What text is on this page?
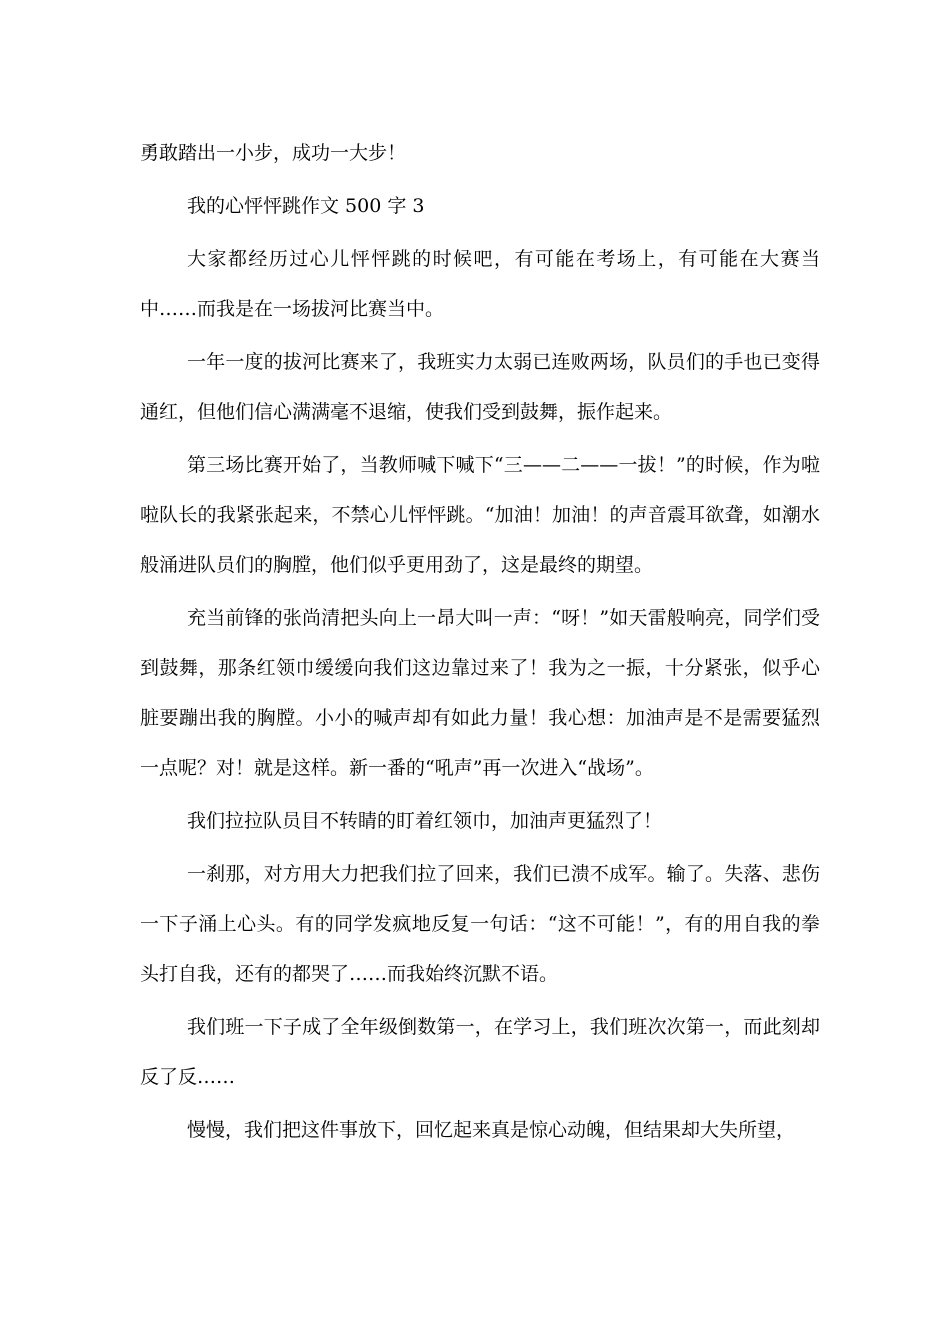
勇敢踏出一小步，成功一大步！

我的心怦怦跳作文 500 字 3

大家都经历过心儿怦怦跳的时候吧，有可能在考场上，有可能在大赛当中……而我是在一场拔河比赛当中。

一年一度的拔河比赛来了，我班实力太弱已连败两场，队员们的手也已变得通红，但他们信心满满毫不退缩，使我们受到鼓舞，振作起来。

第三场比赛开始了，当教师喊下喊下“三——二——一拔！”的时候，作为啦啦队长的我紧张起来，不禁心儿怦怦跳。“加油！加油！的声音震耳欲聋，如潮水般涌进队员们的胸膛，他们似乎更用劲了，这是最终的期望。

充当前锋的张尚清把头向上一昂大叫一声：“呀！”如天雷般响亮，同学们受到鼓舞，那条红领巾缓缓向我们这边靠过来了！我为之一振，十分紧张，似乎心脏要蹦出我的胸膛。小小的喊声却有如此力量！我心想：加油声是不是需要猛烈一点呢？对！就是这样。新一番的“吼声”再一次进入“战场”。

我们拉拉队员目不转睛的盯着红领巾，加油声更猛烈了！

一刹那，对方用大力把我们拉了回来，我们已溃不成军。输了。失落、悲伤一下子涌上心头。有的同学发疯地反复一句话：“这不可能！”，有的用自我的拳头打自我，还有的都哭了……而我始终沉默不语。

我们班一下子成了全年级倒数第一，在学习上，我们班次次第一，而此刻却反了反……

慢慢，我们把这件事放下，回忆起来真是惊心动魄，但结果却大失所望，
